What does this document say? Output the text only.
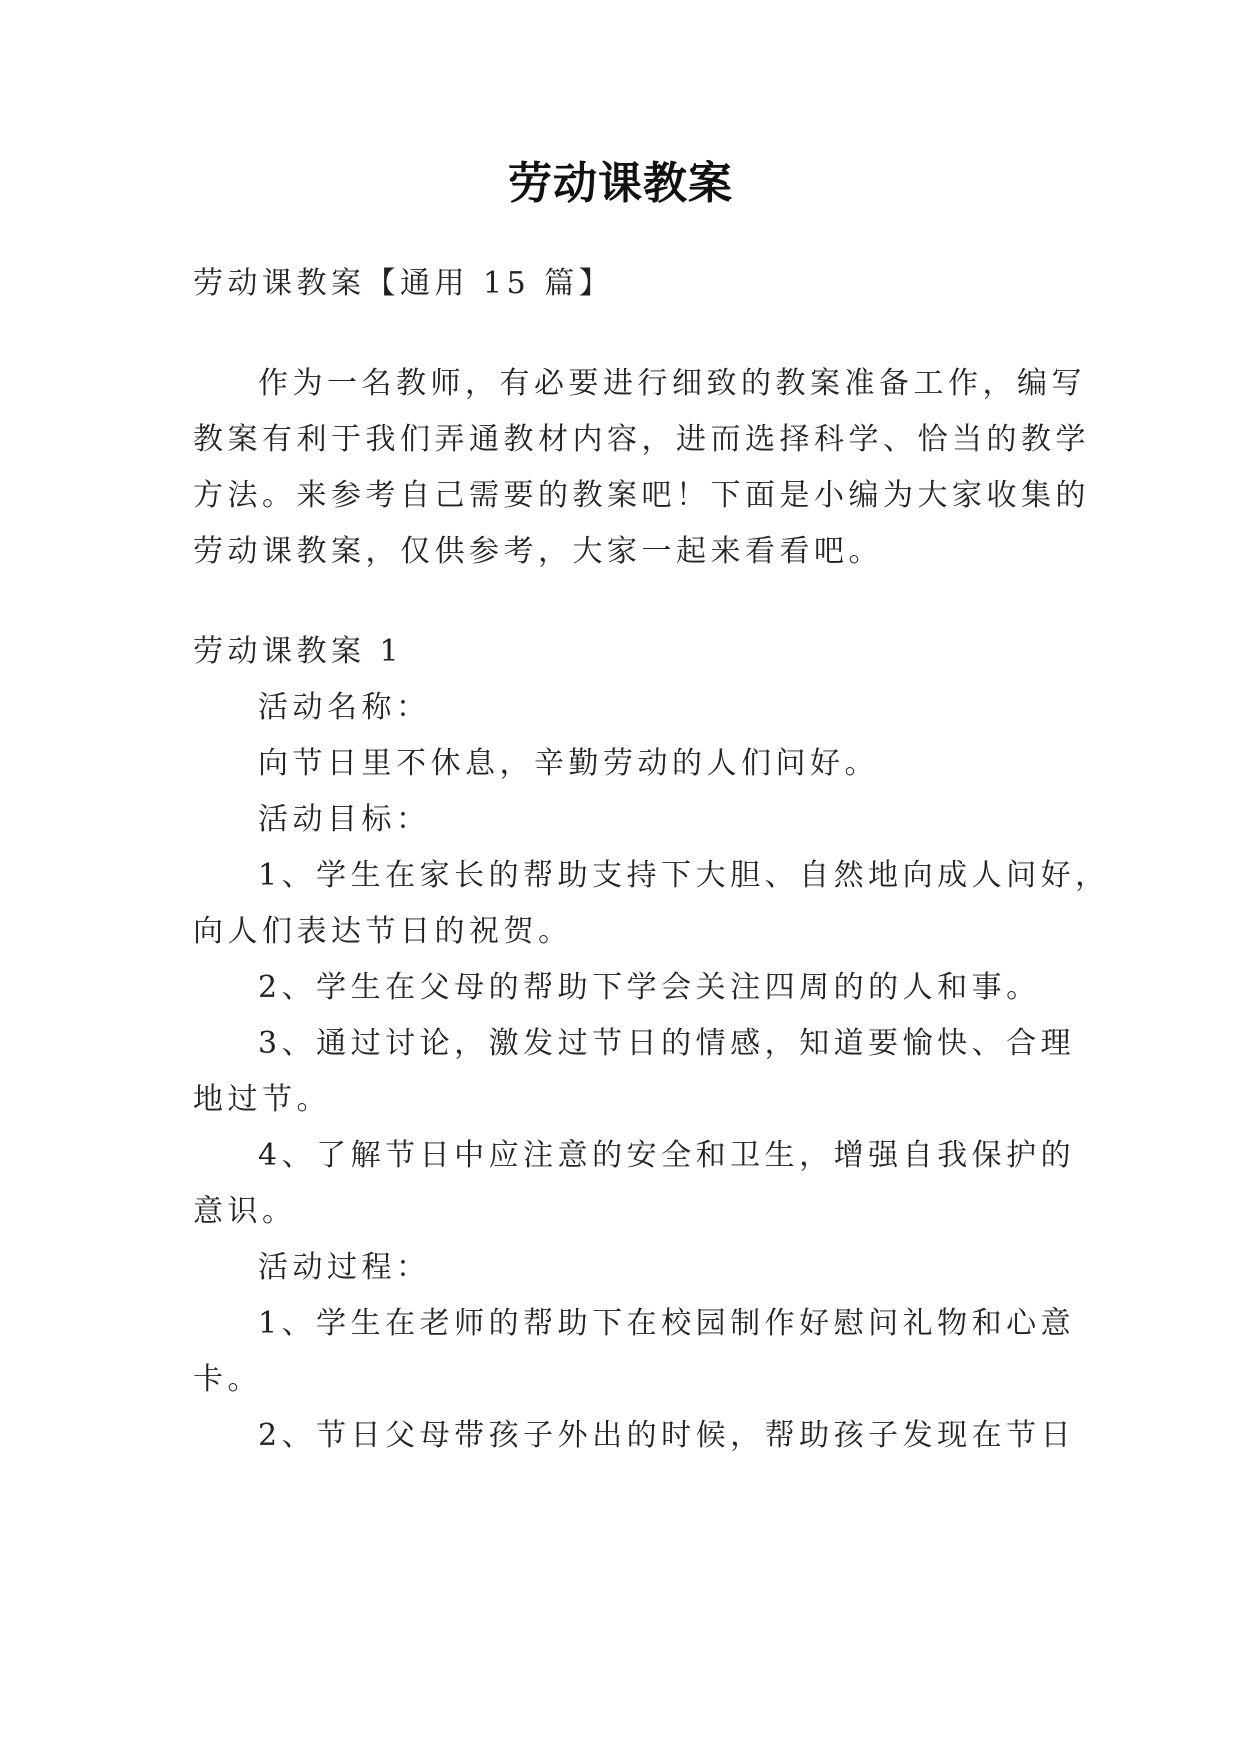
劳动课教案
劳动课教案【通用 15 篇】
作为一名教师，有必要进行细致的教案准备工作，编写
教案有利于我们弄通教材内容，进而选择科学、恰当的教学
方法。来参考自己需要的教案吧！下面是小编为大家收集的
劳动课教案，仅供参考，大家一起来看看吧。
劳动课教案 1
活动名称：
向节日里不休息，辛勤劳动的人们问好。
活动目标：
1、学生在家长的帮助支持下大胆、自然地向成人问好，
向人们表达节日的祝贺。
2、学生在父母的帮助下学会关注四周的的人和事。
3、通过讨论，激发过节日的情感，知道要愉快、合理
地过节。
4、了解节日中应注意的安全和卫生，增强自我保护的
意识。
活动过程：
1、学生在老师的帮助下在校园制作好慰问礼物和心意
卡。
2、节日父母带孩子外出的时候，帮助孩子发现在节日
